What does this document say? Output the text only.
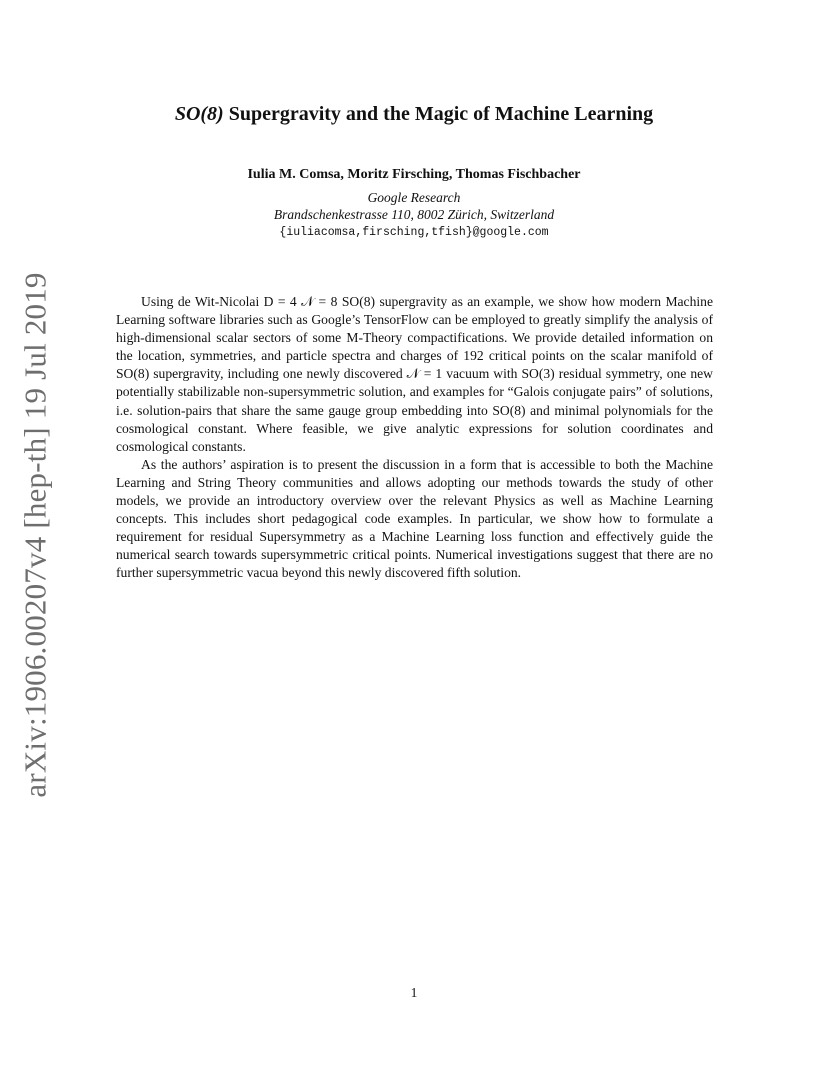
arXiv:1906.00207v4 [hep-th] 19 Jul 2019
SO(8) Supergravity and the Magic of Machine Learning
Iulia M. Comsa, Moritz Firsching, Thomas Fischbacher
Google Research
Brandschenkestrasse 110, 8002 Zürich, Switzerland
{iuliacomsa,firsching,tfish}@google.com

Using de Wit-Nicolai D = 4 𝒩 = 8 SO(8) supergravity as an example, we show how modern Machine Learning software libraries such as Google’s TensorFlow can be employed to greatly simplify the analysis of high-dimensional scalar sectors of some M-Theory compactifications. We provide detailed information on the location, symmetries, and particle spectra and charges of 192 critical points on the scalar manifold of SO(8) supergravity, including one newly discovered 𝒩 = 1 vacuum with SO(3) residual symmetry, one new potentially stabilizable non-supersymmetric solution, and examples for “Galois conjugate pairs” of solutions, i.e. solution-pairs that share the same gauge group embedding into SO(8) and minimal polynomials for the cosmological constant. Where feasible, we give analytic expressions for solution coordinates and cosmological constants.

As the authors’ aspiration is to present the discussion in a form that is accessible to both the Machine Learning and String Theory communities and allows adopting our methods towards the study of other models, we provide an introductory overview over the relevant Physics as well as Machine Learning concepts. This includes short pedagogical code examples. In particular, we show how to formulate a requirement for residual Supersymmetry as a Machine Learning loss function and effectively guide the numerical search towards supersymmetric critical points. Numerical investigations suggest that there are no further supersymmetric vacua beyond this newly discovered fifth solution.

1
